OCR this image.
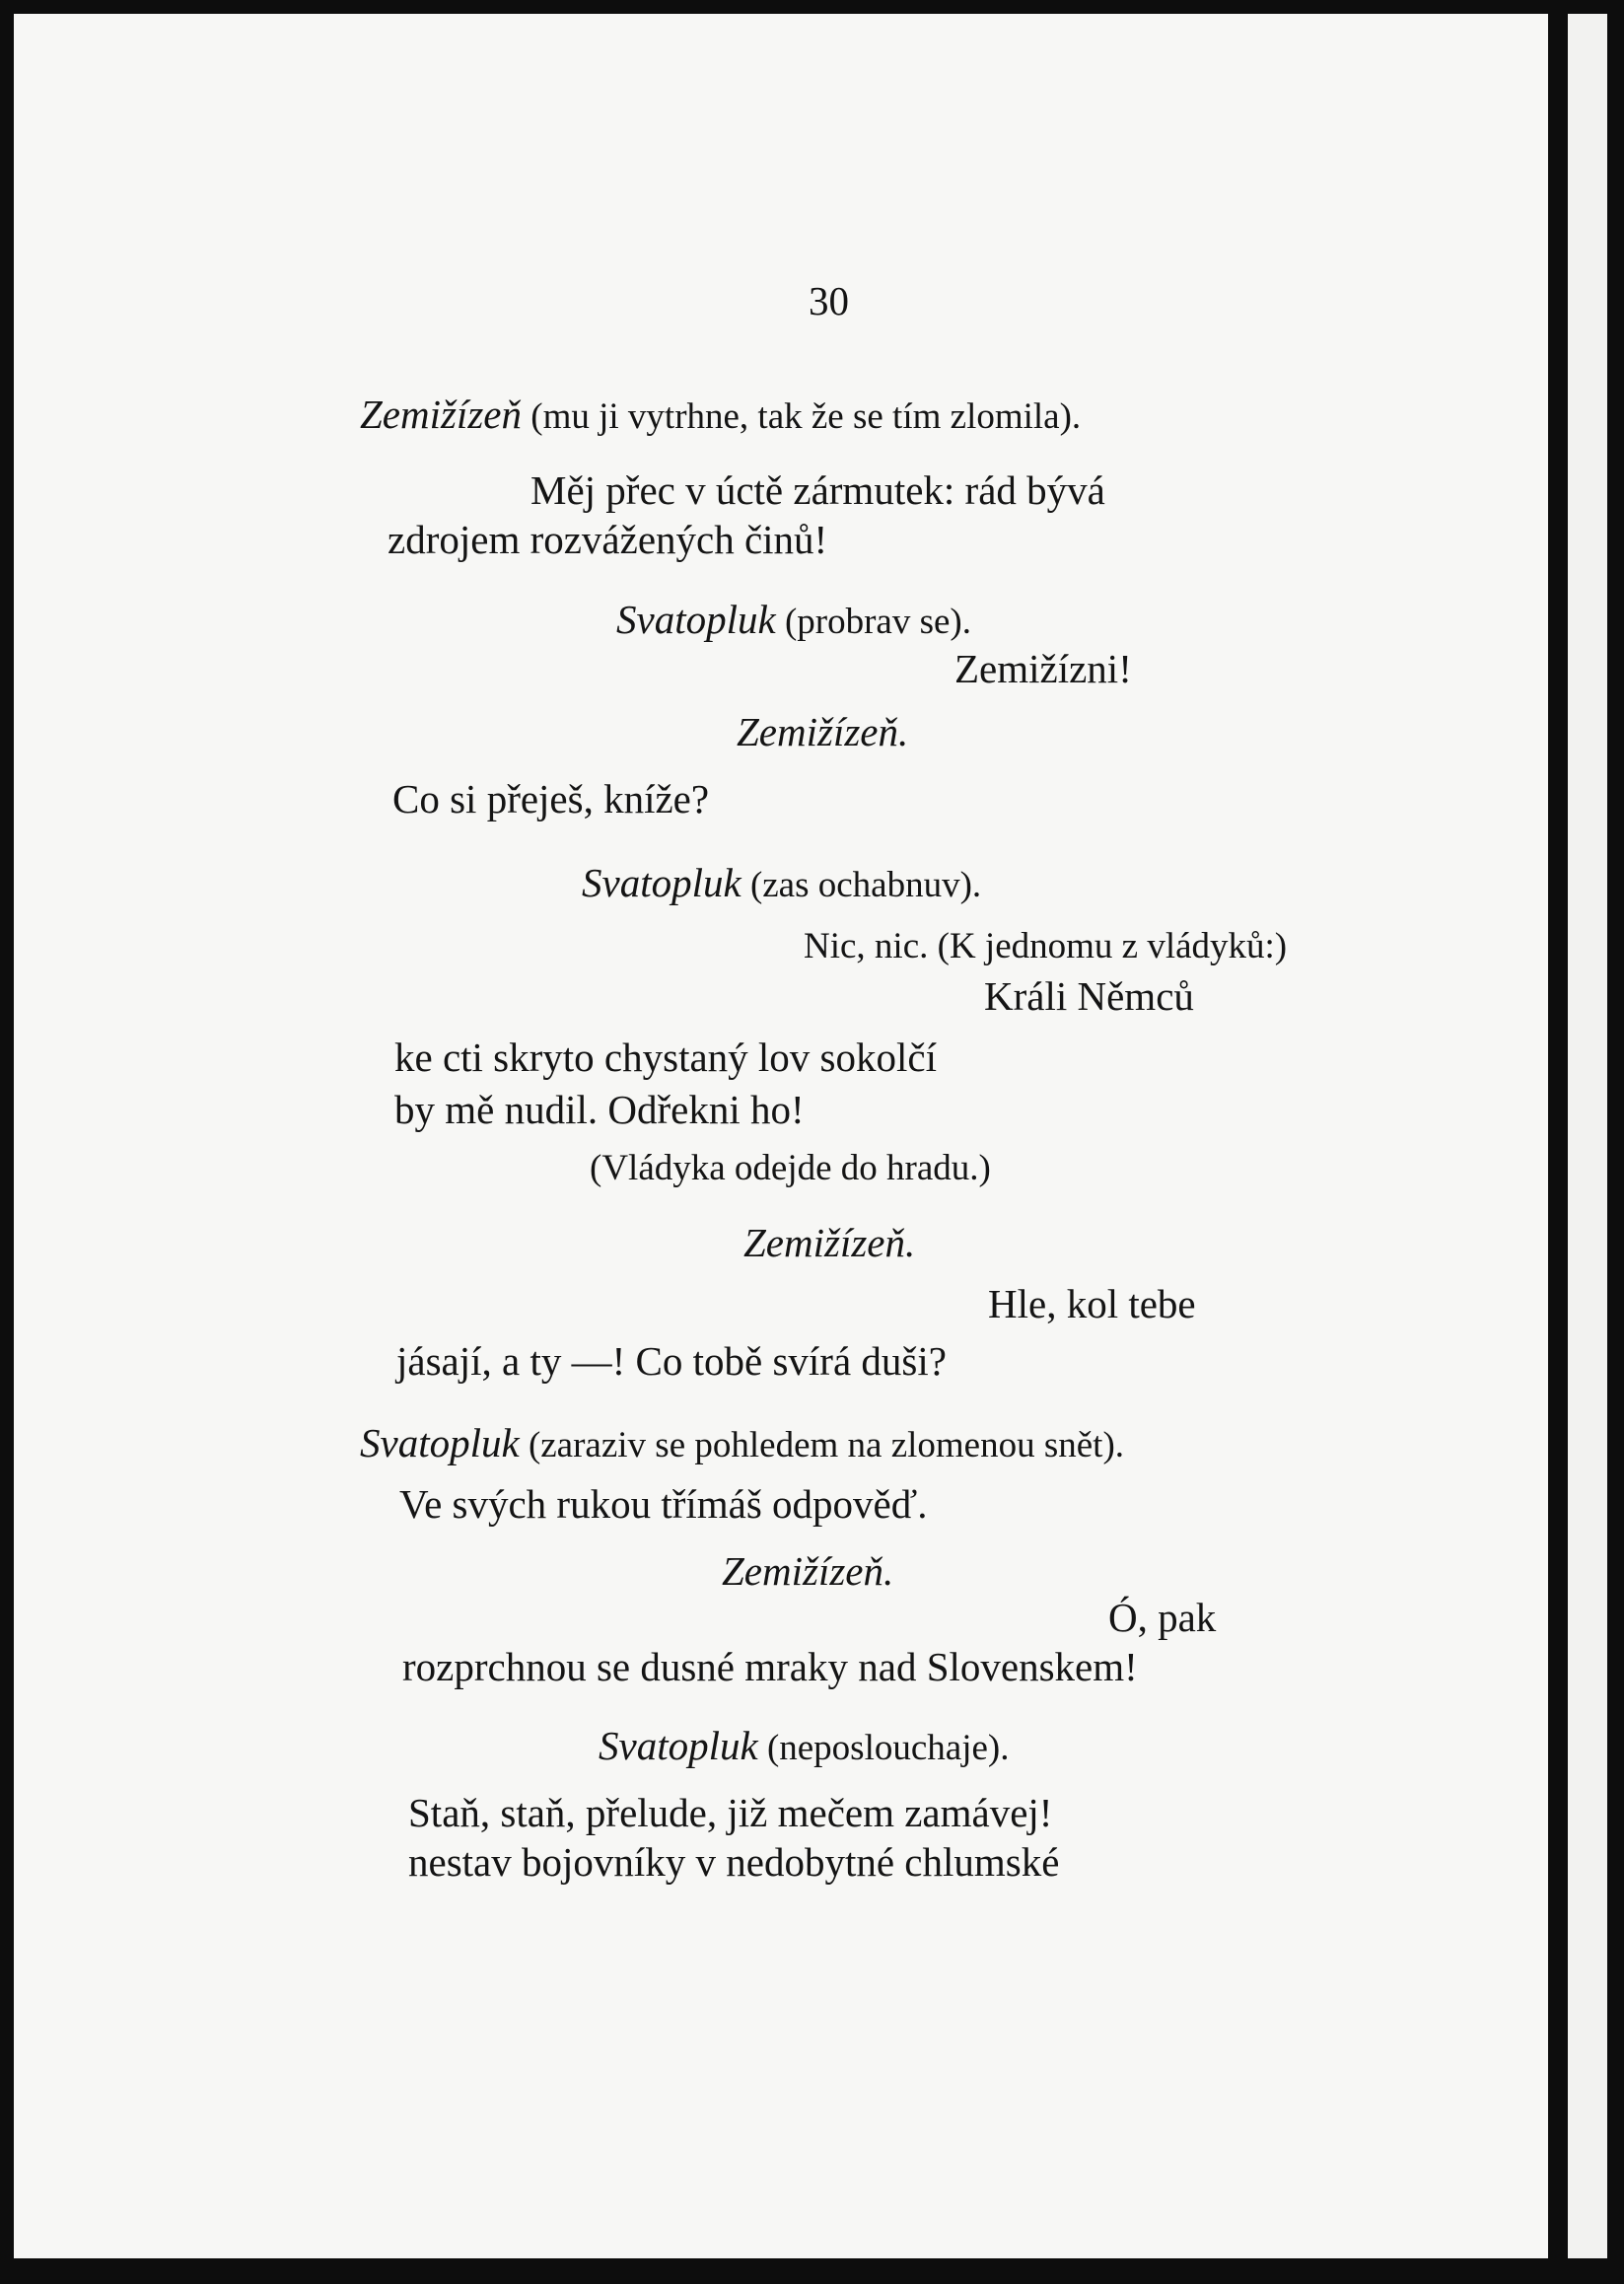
30
Zemižízeň (mu ji vytrhne, tak že se tím zlomila).
Měj přec v úctě zármutek: rád bývá
zdrojem rozvážených činů!
Svatopluk (probrav se).
Zemižízni!
Zemižízeň.
Co si přeješ, kníže?
Svatopluk (zas ochabnuv).
Nic, nic. (K jednomu z vládyků:)
Králi Němců
ke cti skryto chystaný lov sokolčí
by mě nudil. Odřekni ho!
(Vládyka odejde do hradu.)
Zemižízeň.
Hle, kol tebe
jásají, a ty —! Co tobě svírá duši?
Svatopluk (zaraziv se pohledem na zlomenou snět).
Ve svých rukou třímáš odpověď.
Zemižízeň.
Ó, pak
rozprchnou se dusné mraky nad Slovenskem!
Svatopluk (neposlouchaje).
Staň, staň, přelude, již mečem zamávej!
nestav bojovníky v nedobytné chlumské
